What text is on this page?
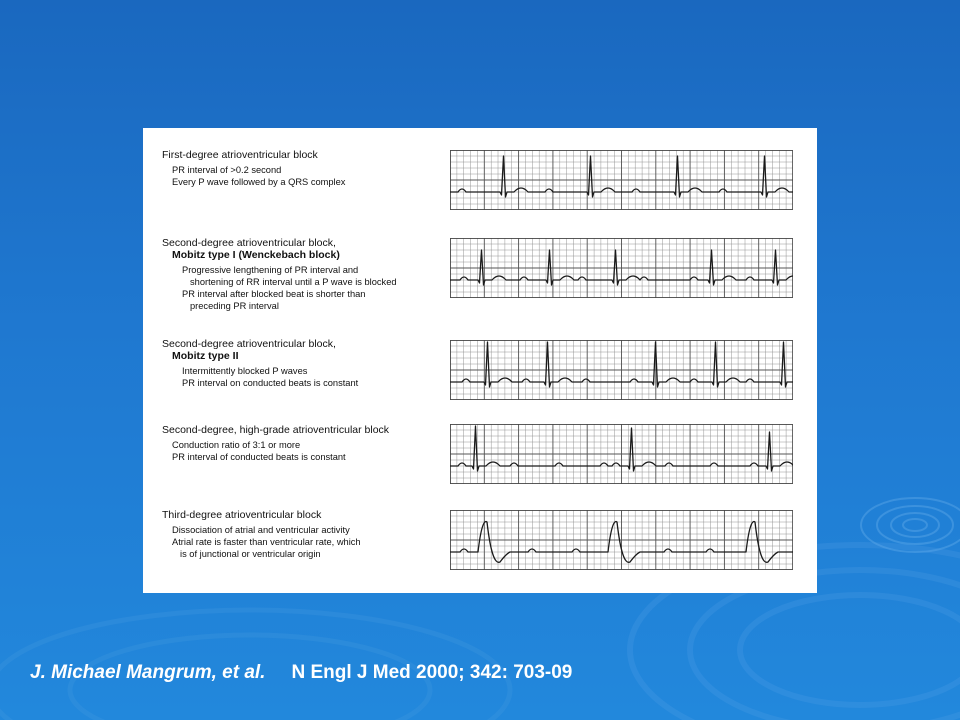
First-degree atrioventricular block

PR interval of >0.2 second

Every P wave followed by a QRS complex

Second-degree atrioventricular block,
Mobitz type I (Wenckebach block)

Progressive lengthening of PR interval and

shortening of RR interval until a P wave is blocked

PR interval after blocked beat is shorter than

preceding PR interval

Second-degree atrioventricular block,
Mobitz type II

Intermittently blocked P waves

PR interval on conducted beats is constant

Second-degree, high-grade atrioventricular block

Conduction ratio of 3:1 or more

PR interval of conducted beats is constant

Third-degree atrioventricular block

Dissociation of atrial and ventricular activity

Atrial rate is faster than ventricular rate, which

is of junctional or ventricular origin

J. Michael Mangrum, et al. N Engl J Med 2000; 342: 703-09
